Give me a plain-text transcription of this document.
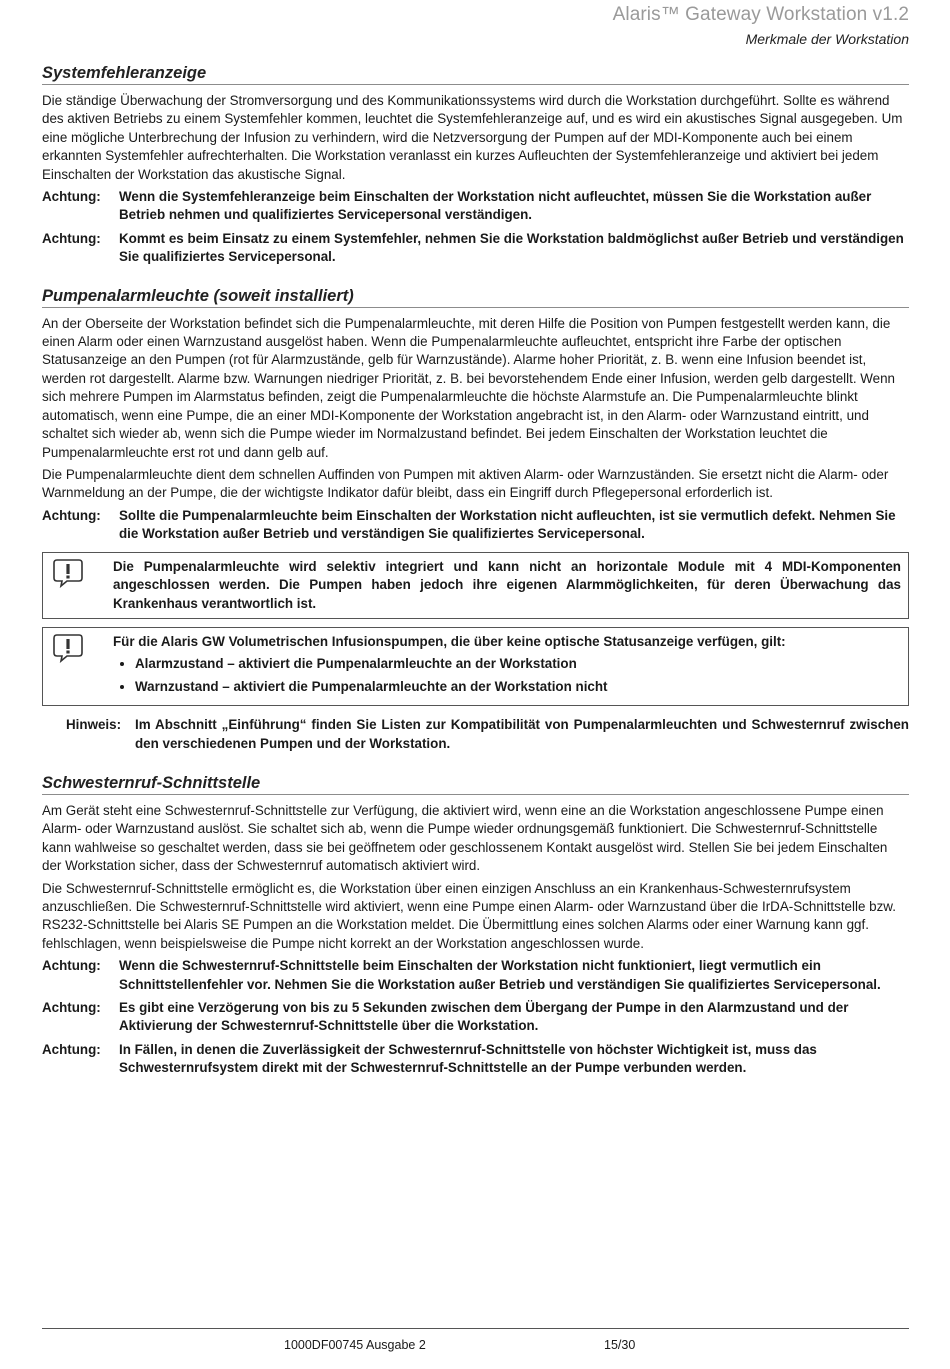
Alaris™ Gateway Workstation v1.2
Merkmale der Workstation
Systemfehleranzeige

Die ständige Überwachung der Stromversorgung und des Kommunikationssystems wird durch die Workstation durchgeführt. Sollte es während des aktiven Betriebs zu einem Systemfehler kommen, leuchtet die Systemfehleranzeige auf, und es wird ein akustisches Signal ausgegeben. Um eine mögliche Unterbrechung der Infusion zu verhindern, wird die Netzversorgung der Pumpen auf der MDI-Komponente auch bei einem erkannten Systemfehler aufrechterhalten. Die Workstation veranlasst ein kurzes Aufleuchten der Systemfehleranzeige und aktiviert bei jedem Einschalten der Workstation das akustische Signal.

Achtung:	Wenn die Systemfehleranzeige beim Einschalten der Workstation nicht aufleuchtet, müssen Sie die Workstation außer Betrieb nehmen und qualifiziertes Servicepersonal verständigen.
Achtung:	Kommt es beim Einsatz zu einem Systemfehler, nehmen Sie die Workstation baldmöglichst außer Betrieb und verständigen Sie qualifiziertes Servicepersonal.
Pumpenalarmleuchte (soweit installiert)

An der Oberseite der Workstation befindet sich die Pumpenalarmleuchte, mit deren Hilfe die Position von Pumpen festgestellt werden kann, die einen Alarm oder einen Warnzustand ausgelöst haben. Wenn die Pumpenalarmleuchte aufleuchtet, entspricht ihre Farbe der optischen Statusanzeige an den Pumpen (rot für Alarmzustände, gelb für Warnzustände). Alarme hoher Priorität, z. B. wenn eine Infusion beendet ist, werden rot dargestellt. Alarme bzw. Warnungen niedriger Priorität, z. B. bei bevorstehendem Ende einer Infusion, werden gelb dargestellt. Wenn sich mehrere Pumpen im Alarmstatus befinden, zeigt die Pumpenalarmleuchte die höchste Alarmstufe an. Die Pumpenalarmleuchte blinkt automatisch, wenn eine Pumpe, die an einer MDI-Komponente der Workstation angebracht ist, in den Alarm- oder Warnzustand eintritt, und schaltet sich wieder ab, wenn sich die Pumpe wieder im Normalzustand befindet. Bei jedem Einschalten der Workstation leuchtet die Pumpenalarmleuchte erst rot und dann gelb auf.

Die Pumpenalarmleuchte dient dem schnellen Auffinden von Pumpen mit aktiven Alarm- oder Warnzuständen. Sie ersetzt nicht die Alarm- oder Warnmeldung an der Pumpe, die der wichtigste Indikator dafür bleibt, dass ein Eingriff durch Pflegepersonal erforderlich ist.

Achtung:	Sollte die Pumpenalarmleuchte beim Einschalten der Workstation nicht aufleuchten, ist sie vermutlich defekt. Nehmen Sie die Workstation außer Betrieb und verständigen Sie qualifiziertes Servicepersonal.
Die Pumpenalarmleuchte wird selektiv integriert und kann nicht an horizontale Module mit 4 MDI-Komponenten angeschlossen werden. Die Pumpen haben jedoch ihre eigenen Alarmmöglichkeiten, für deren Überwachung das Krankenhaus verantwortlich ist.
Für die Alaris GW Volumetrischen Infusionspumpen, die über keine optische Statusanzeige verfügen, gilt:
• Alarmzustand – aktiviert die Pumpenalarmleuchte an der Workstation
• Warnzustand – aktiviert die Pumpenalarmleuchte an der Workstation nicht
Hinweis:	Im Abschnitt „Einführung“ finden Sie Listen zur Kompatibilität von Pumpenalarmleuchten und Schwesternruf zwischen den verschiedenen Pumpen und der Workstation.
Schwesternruf-Schnittstelle

Am Gerät steht eine Schwesternruf-Schnittstelle zur Verfügung, die aktiviert wird, wenn eine an die Workstation angeschlossene Pumpe einen Alarm- oder Warnzustand auslöst. Sie schaltet sich ab, wenn die Pumpe wieder ordnungsgemäß funktioniert. Die Schwesternruf-Schnittstelle kann wahlweise so geschaltet werden, dass sie bei geöffnetem oder geschlossenem Kontakt ausgelöst wird. Stellen Sie bei jedem Einschalten der Workstation sicher, dass der Schwesternruf automatisch aktiviert wird.

Die Schwesternruf-Schnittstelle ermöglicht es, die Workstation über einen einzigen Anschluss an ein Krankenhaus-Schwesternrufsystem anzuschließen. Die Schwesternruf-Schnittstelle wird aktiviert, wenn eine Pumpe einen Alarm- oder Warnzustand über die IrDA-Schnittstelle bzw. RS232-Schnittstelle bei Alaris SE Pumpen an die Workstation meldet. Die Übermittlung eines solchen Alarms oder einer Warnung kann ggf. fehlschlagen, wenn beispielsweise die Pumpe nicht korrekt an der Workstation angeschlossen wurde.

Achtung:	Wenn die Schwesternruf-Schnittstelle beim Einschalten der Workstation nicht funktioniert, liegt vermutlich ein Schnittstellenfehler vor. Nehmen Sie die Workstation außer Betrieb und verständigen Sie qualifiziertes Servicepersonal.
Achtung:	Es gibt eine Verzögerung von bis zu 5 Sekunden zwischen dem Übergang der Pumpe in den Alarmzustand und der Aktivierung der Schwesternruf-Schnittstelle über die Workstation.
Achtung:	In Fällen, in denen die Zuverlässigkeit der Schwesternruf-Schnittstelle von höchster Wichtigkeit ist, muss das Schwesternrufsystem direkt mit der Schwesternruf-Schnittstelle an der Pumpe verbunden werden.
1000DF00745 Ausgabe 2	15/30
